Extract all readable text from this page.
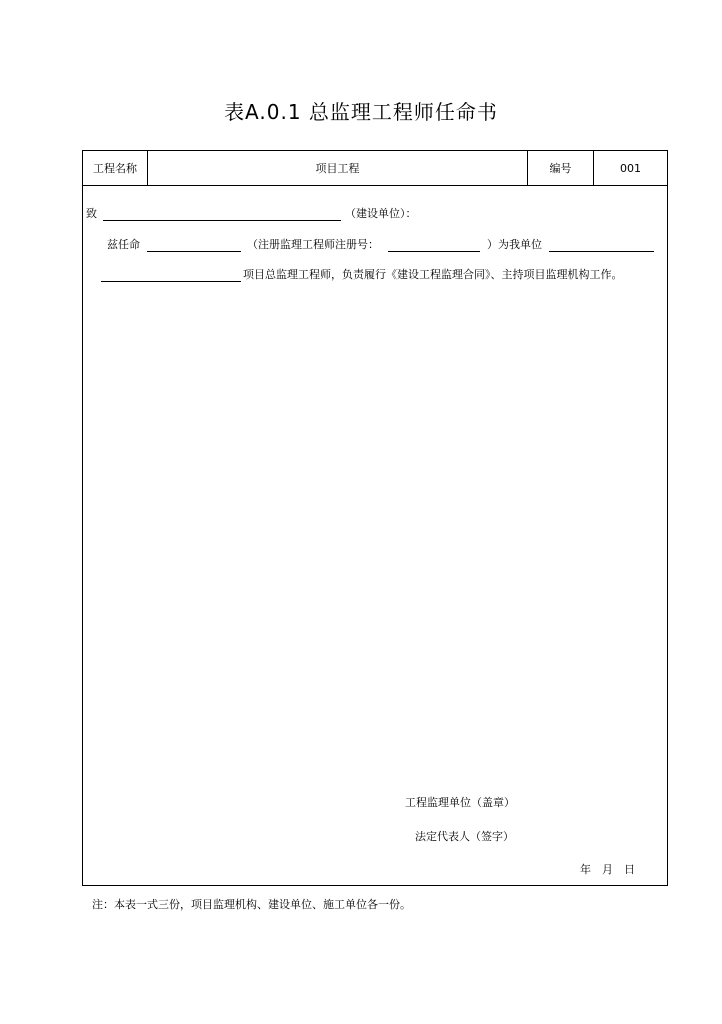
表A.0.1 总监理工程师任命书
工程名称	项目工程	编号	001
致	（建设单位）：
兹任命	（注册监理工程师注册号：	）为我单位
项目总监理工程师，负责履行《建设工程监理合同》、主持项目监理机构工作。
工程监理单位（盖章）
法定代表人（签字）
年　月　日
注：本表一式三份，项目监理机构、建设单位、施工单位各一份。
